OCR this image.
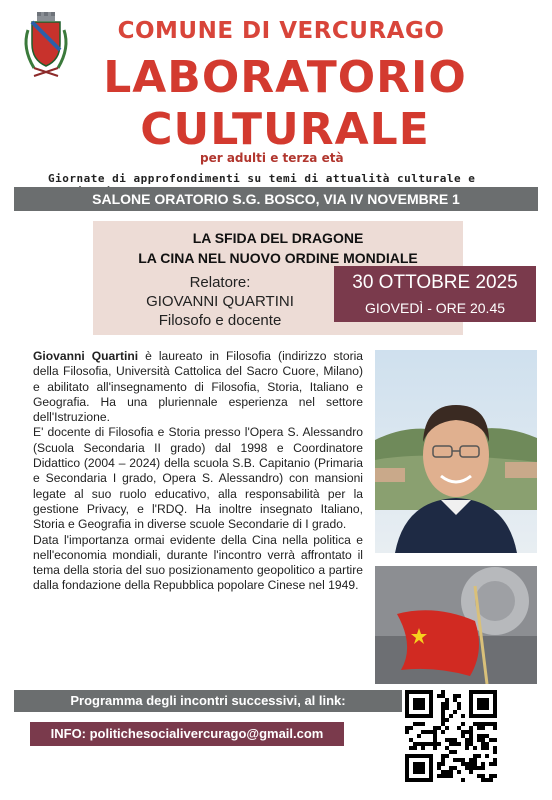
COMUNE DI VERCURAGO
LABORATORIO
CULTURALE
per adulti e terza età
Giornate di approfondimenti su temi di attualità culturale e
SALONE ORATORIO S.G. BOSCO, VIA IV NOVEMBRE 1
LA SFIDA DEL DRAGONE
LA CINA NEL NUOVO ORDINE MONDIALE
Relatore:
GIOVANNI QUARTINI
Filosofo e docente
30 OTTOBRE 2025
GIOVEDÌ - ORE 20.45

Giovanni Quartini è laureato in Filosofia (indirizzo storia della Filosofia, Università Cattolica del Sacro Cuore, Milano) e abilitato all'insegnamento di Filosofia, Storia, Italiano e Geografia. Ha una pluriennale esperienza nel settore dell'Istruzione.

E' docente di Filosofia e Storia presso l'Opera S. Alessandro (Scuola Secondaria II grado) dal 1998 e Coordinatore Didattico (2004 – 2024) della scuola S.B. Capitanio (Primaria e Secondaria I grado, Opera S. Alessandro) con mansioni legate al suo ruolo educativo, alla responsabilità per la gestione Privacy, e l'RDQ. Ha inoltre insegnato Italiano, Storia e Geografia in diverse scuole Secondarie di I grado.

Data l'importanza ormai evidente della Cina nella politica e nell'economia mondiali, durante l'incontro verrà affrontato il tema della storia del suo posizionamento geopolitico a partire dalla fondazione della Repubblica popolare Cinese nel 1949.

Programma degli incontri successivi, al link:
INFO: politichesocialivercurago@gmail.com
